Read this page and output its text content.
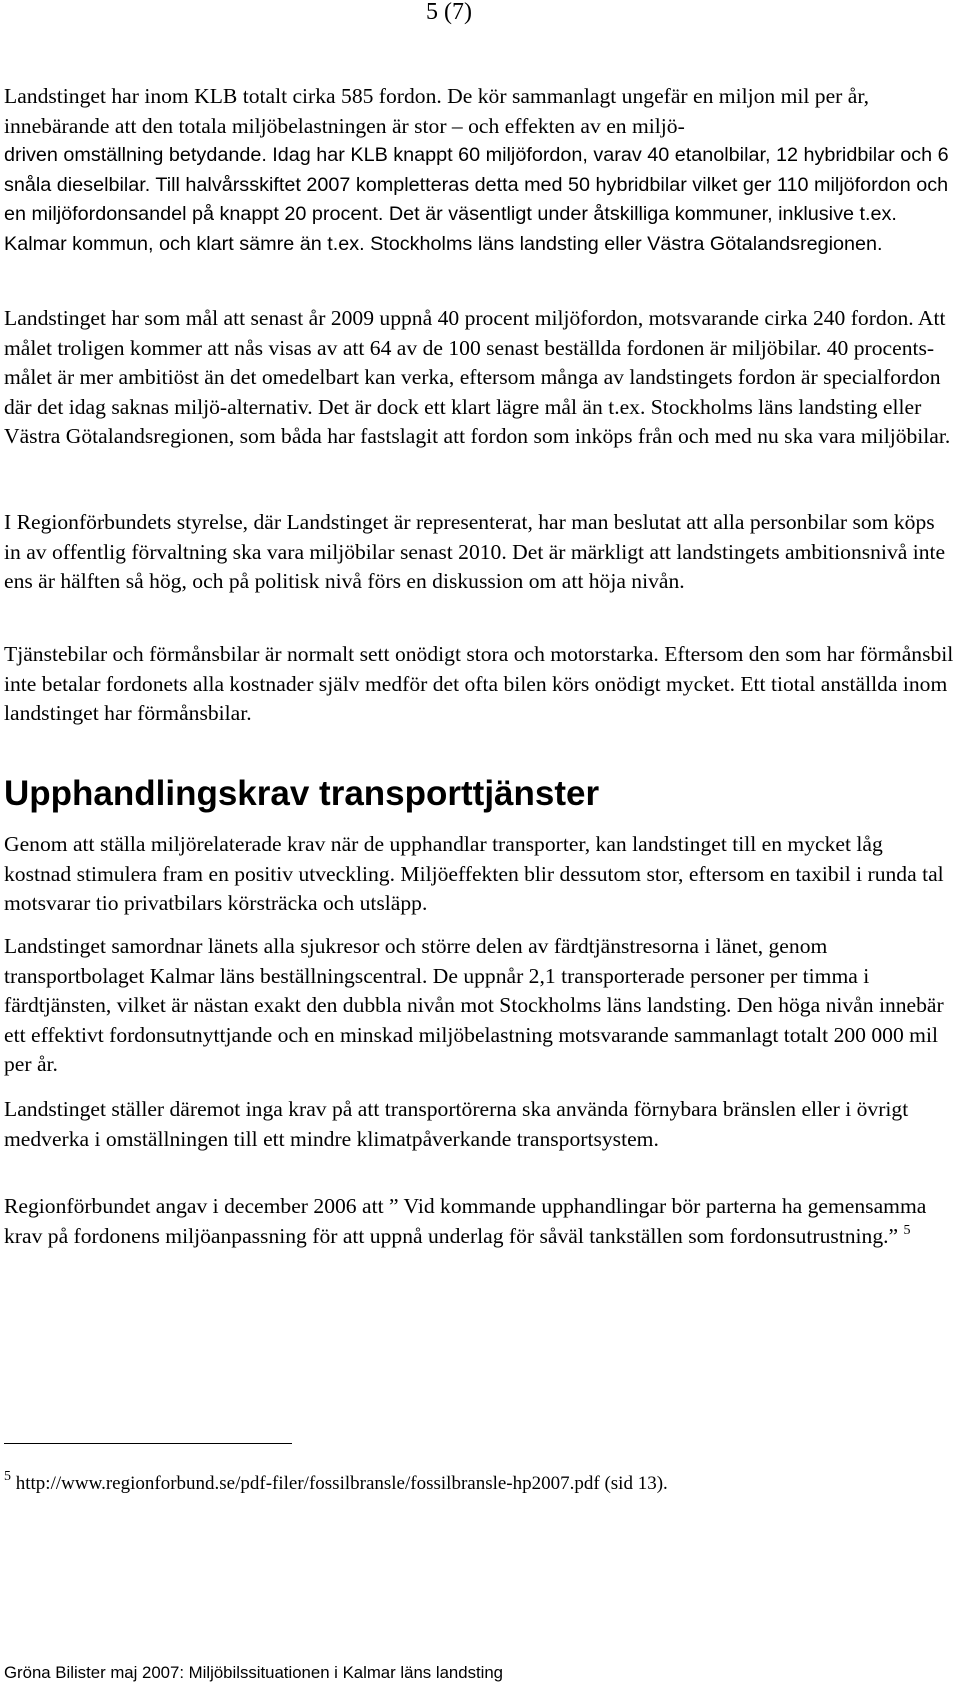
5 (7)

Landstinget har inom KLB totalt cirka 585 fordon. De kör sammanlagt ungefär en miljon mil per år, innebärande att den totala miljöbelastningen är stor – och effekten av en miljö-

driven omställning betydande. Idag har KLB knappt 60 miljöfordon, varav 40 etanolbilar, 12 hybridbilar och 6 snåla dieselbilar. Till halvårsskiftet 2007 kompletteras detta med 50 hybridbilar vilket ger 110 miljöfordon och en miljöfordonsandel på knappt 20 procent. Det är väsentligt under åtskilliga kommuner, inklusive t.ex. Kalmar kommun, och klart sämre än t.ex. Stockholms läns landsting eller Västra Götalandsregionen.

Landstinget har som mål att senast år 2009 uppnå 40 procent miljöfordon, motsvarande cirka 240 fordon. Att målet troligen kommer att nås visas av att 64 av de 100 senast beställda fordonen är miljöbilar. 40 procents-målet är mer ambitiöst än det omedelbart kan verka, eftersom många av landstingets fordon är specialfordon där det idag saknas miljö-alternativ. Det är dock ett klart lägre mål än t.ex. Stockholms läns landsting eller Västra Götalandsregionen, som båda har fastslagit att fordon som inköps från och med nu ska vara miljöbilar.

I Regionförbundets styrelse, där Landstinget är representerat, har man beslutat att alla personbilar som köps in av offentlig förvaltning ska vara miljöbilar senast 2010. Det är märkligt att landstingets ambitionsnivå inte ens är hälften så hög, och på politisk nivå förs en diskussion om att höja nivån.

Tjänstebilar och förmånsbilar är normalt sett onödigt stora och motorstarka. Eftersom den som har förmånsbil inte betalar fordonets alla kostnader själv medför det ofta bilen körs onödigt mycket. Ett tiotal anställda inom landstinget har förmånsbilar.

Upphandlingskrav transporttjänster

Genom att ställa miljörelaterade krav när de upphandlar transporter, kan landstinget till en mycket låg kostnad stimulera fram en positiv utveckling. Miljöeffekten blir dessutom stor, eftersom en taxibil i runda tal motsvarar tio privatbilars körsträcka och utsläpp.

Landstinget samordnar länets alla sjukresor och större delen av färdtjänstresorna i länet, genom transportbolaget Kalmar läns beställningscentral. De uppnår 2,1 transporterade personer per timma i färdtjänsten, vilket är nästan exakt den dubbla nivån mot Stockholms läns landsting. Den höga nivån innebär ett effektivt fordonsutnyttjande och en minskad miljöbelastning motsvarande sammanlagt totalt 200 000 mil per år.

Landstinget ställer däremot inga krav på att transportörerna ska använda förnybara bränslen eller i övrigt medverka i omställningen till ett mindre klimatpåverkande transportsystem.

Regionförbundet angav i december 2006 att ” Vid kommande upphandlingar bör parterna ha gemensamma krav på fordonens miljöanpassning för att uppnå underlag för såväl tankställen som fordonsutrustning.” $^5$

$^5$ http://www.regionforbund.se/pdf-filer/fossilbransle/fossilbransle-hp2007.pdf (sid 13).

Gröna Bilister maj 2007: Miljöbilssituationen i Kalmar läns landsting
